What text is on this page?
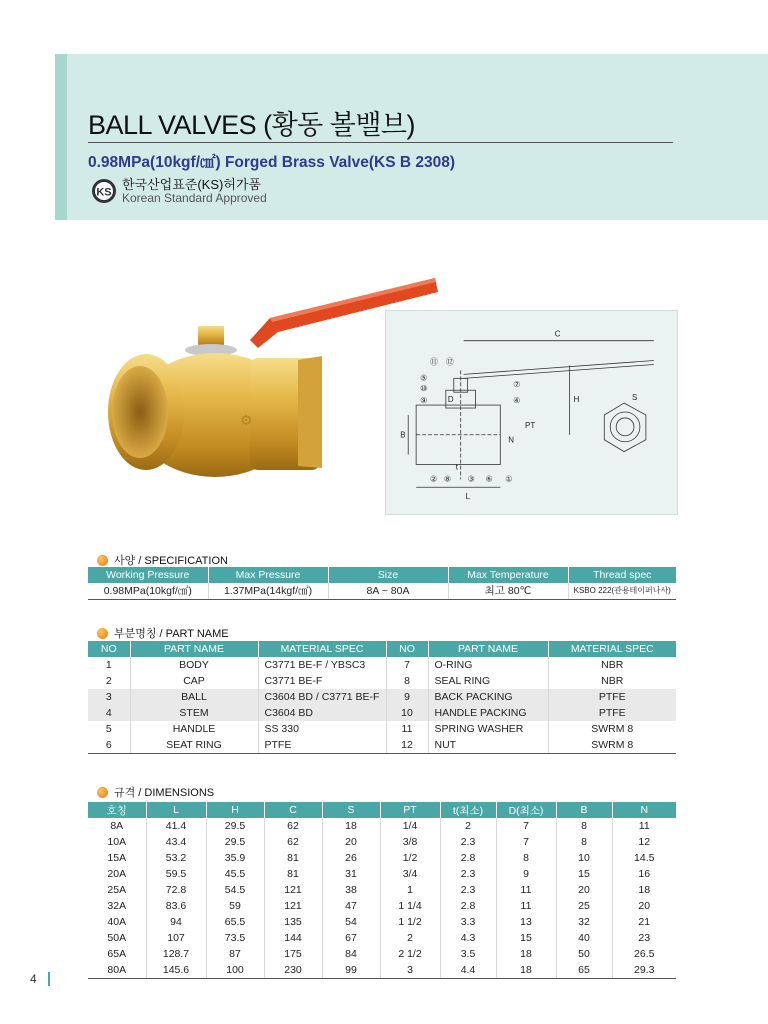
BALL VALVES (황동 볼밸브)
0.98MPa(10kgf/㎠) Forged Brass Valve(KS B 2308)
KS
한국산업표준(KS)허가품
Korean Standard Approved
⚙
C
H	S
B
D
N
PT
L
t
⑪ ⑫
⑤
⑩
⑨
⑦
④
② ⑧ ③ ⑥ ①
사양 / SPECIFICATION
Working Pressure	Max Pressure	Size	Max Temperature	Thread spec
0.98MPa(10kgf/㎠)	1.37MPa(14kgf/㎠)	8A ~ 80A	최고 80℃	KSBO 222(관용테이퍼나사)
부분명칭 / PART NAME
NO	PART NAME	MATERIAL SPEC	NO	PART NAME	MATERIAL SPEC
1	BODY	C3771 BE-F / YBSC3	7	O-RING	NBR
2	CAP	C3771 BE-F	8	SEAL RING	NBR
3	BALL	C3604 BD / C3771 BE-F	9	BACK PACKING	PTFE
4	STEM	C3604 BD	10	HANDLE PACKING	PTFE
5	HANDLE	SS 330	11	SPRING WASHER	SWRM 8
6	SEAT RING	PTFE	12	NUT	SWRM 8
규격 / DIMENSIONS
호칭	L	H	C	S	PT	t(최소)	D(최소)	B	N
8A	41.4	29.5	62	18	1/4	2	7	8	11
10A	43.4	29.5	62	20	3/8	2.3	7	8	12
15A	53.2	35.9	81	26	1/2	2.8	8	10	14.5
20A	59.5	45.5	81	31	3/4	2.3	9	15	16
25A	72.8	54.5	121	38	1	2.3	11	20	18
32A	83.6	59	121	47	1 1/4	2.8	11	25	20
40A	94	65.5	135	54	1 1/2	3.3	13	32	21
50A	107	73.5	144	67	2	4.3	15	40	23
65A	128.7	87	175	84	2 1/2	3.5	18	50	26.5
80A	145.6	100	230	99	3	4.4	18	65	29.3
4
